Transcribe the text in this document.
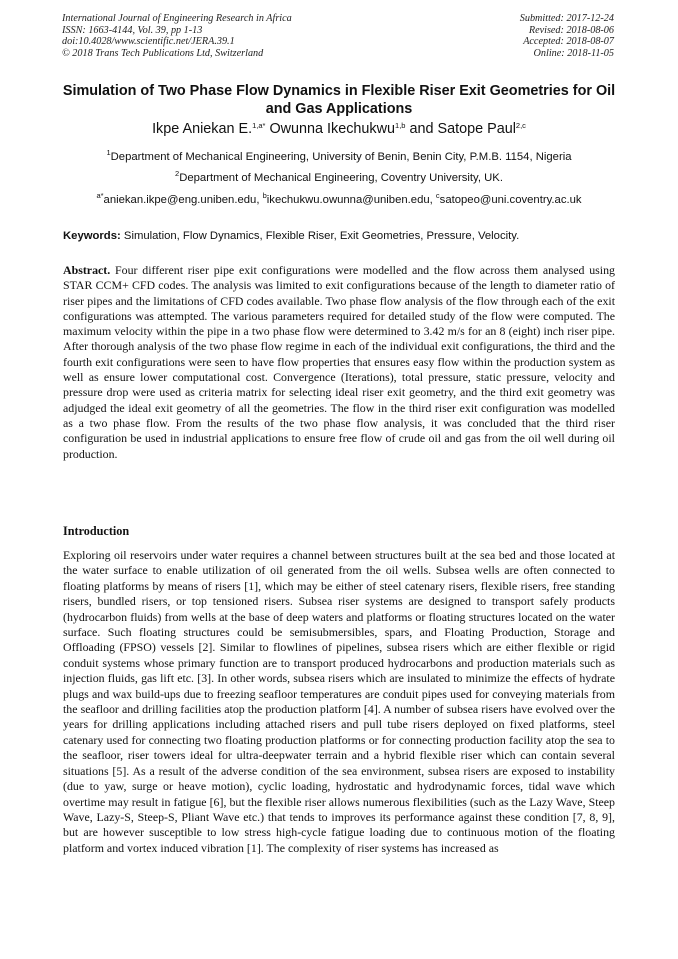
International Journal of Engineering Research in Africa
ISSN: 1663-4144, Vol. 39, pp 1-13
doi:10.4028/www.scientific.net/JERA.39.1
© 2018 Trans Tech Publications Ltd, Switzerland
Submitted: 2017-12-24
Revised: 2018-08-06
Accepted: 2018-08-07
Online: 2018-11-05
Simulation of Two Phase Flow Dynamics in Flexible Riser Exit Geometries for Oil and Gas Applications
Ikpe Aniekan E.$^{1,a*}$ Owunna Ikechukwu$^{1,b}$ and Satope Paul$^{2,c}$
$^1$Department of Mechanical Engineering, University of Benin, Benin City, P.M.B. 1154, Nigeria
$^2$Department of Mechanical Engineering, Coventry University, UK.
$^{a*}$aniekan.ikpe@eng.uniben.edu, $^b$ikechukwu.owunna@uniben.edu, $^c$satopeo@uni.coventry.ac.uk
Keywords: Simulation, Flow Dynamics, Flexible Riser, Exit Geometries, Pressure, Velocity.
Abstract. Four different riser pipe exit configurations were modelled and the flow across them analysed using STAR CCM+ CFD codes. The analysis was limited to exit configurations because of the length to diameter ratio of riser pipes and the limitations of CFD codes available. Two phase flow analysis of the flow through each of the exit configurations was attempted. The various parameters required for detailed study of the flow were computed. The maximum velocity within the pipe in a two phase flow were determined to 3.42 m/s for an 8 (eight) inch riser pipe. After thorough analysis of the two phase flow regime in each of the individual exit configurations, the third and the fourth exit configurations were seen to have flow properties that ensures easy flow within the production system as well as ensure lower computational cost. Convergence (Iterations), total pressure, static pressure, velocity and pressure drop were used as criteria matrix for selecting ideal riser exit geometry, and the third exit geometry was adjudged the ideal exit geometry of all the geometries. The flow in the third riser exit configuration was modelled as a two phase flow. From the results of the two phase flow analysis, it was concluded that the third riser configuration be used in industrial applications to ensure free flow of crude oil and gas from the oil well during oil production.
Introduction
Exploring oil reservoirs under water requires a channel between structures built at the sea bed and those located at the water surface to enable utilization of oil generated from the oil wells. Subsea wells are often connected to floating platforms by means of risers [1], which may be either of steel catenary risers, flexible risers, free standing risers, bundled risers, or top tensioned risers. Subsea riser systems are designed to transport safely products (hydrocarbon fluids) from wells at the base of deep waters and platforms or floating structures located on the water surface. Such floating structures could be semisubmersibles, spars, and Floating Production, Storage and Offloading (FPSO) vessels [2]. Similar to flowlines of pipelines, subsea risers which are either flexible or rigid conduit systems whose primary function are to transport produced hydrocarbons and production materials such as injection fluids, gas lift etc. [3]. In other words, subsea risers which are insulated to minimize the effects of hydrate plugs and wax build-ups due to freezing seafloor temperatures are conduit pipes used for conveying materials from the seafloor and drilling facilities atop the production platform [4]. A number of subsea risers have evolved over the years for drilling applications including attached risers and pull tube risers deployed on fixed platforms, steel catenary used for connecting two floating production platforms or for connecting production facility atop the sea to the seafloor, riser towers ideal for ultra-deepwater terrain and a hybrid flexible riser which can contain several situations [5]. As a result of the adverse condition of the sea environment, subsea risers are exposed to instability (due to yaw, surge or heave motion), cyclic loading, hydrostatic and hydrodynamic forces, tidal wave which overtime may result in fatigue [6], but the flexible riser allows numerous flexibilities (such as the Lazy Wave, Steep Wave, Lazy-S, Steep-S, Pliant Wave etc.) that tends to improves its performance against these condition [7, 8, 9], but are however susceptible to low stress high-cycle fatigue loading due to continuous motion of the floating platform and vortex induced vibration [1]. The complexity of riser systems has increased as
